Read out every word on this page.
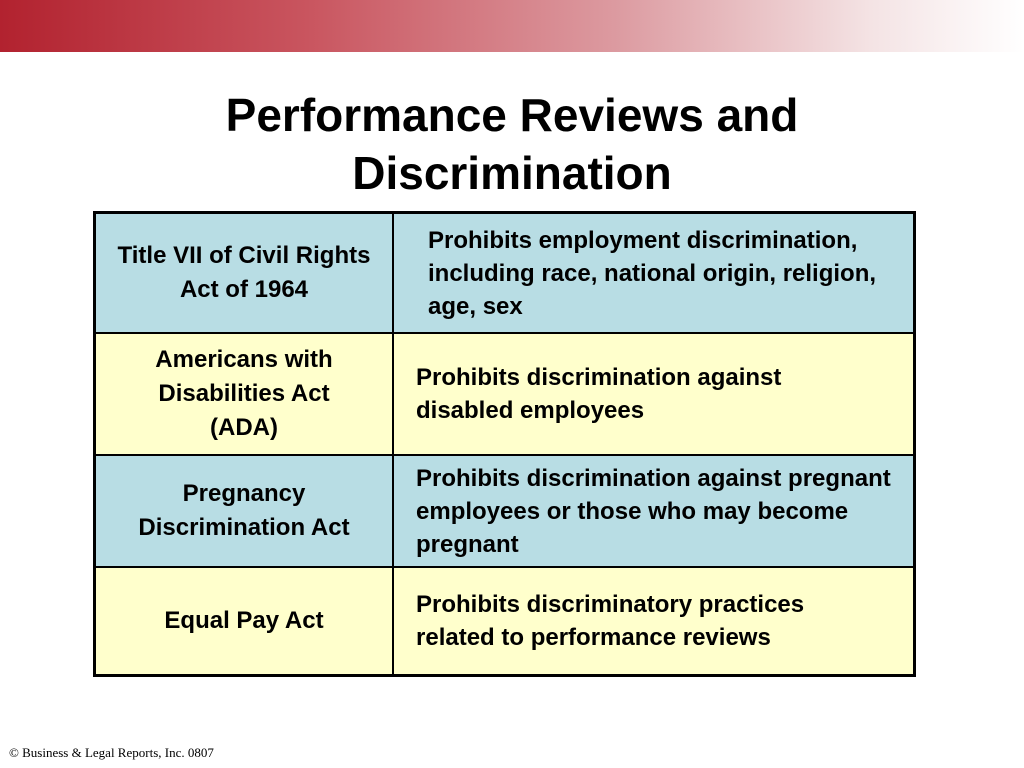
Performance Reviews and
Discrimination
Title VII of Civil Rights Act of 1964
Prohibits employment discrimination, including race, national origin, religion, age, sex
Americans with Disabilities Act (ADA)
Prohibits discrimination against disabled employees
Pregnancy Discrimination Act
Prohibits discrimination against pregnant employees or those who may become pregnant
Equal Pay Act
Prohibits discriminatory practices related to performance reviews
© Business & Legal Reports, Inc. 0807
